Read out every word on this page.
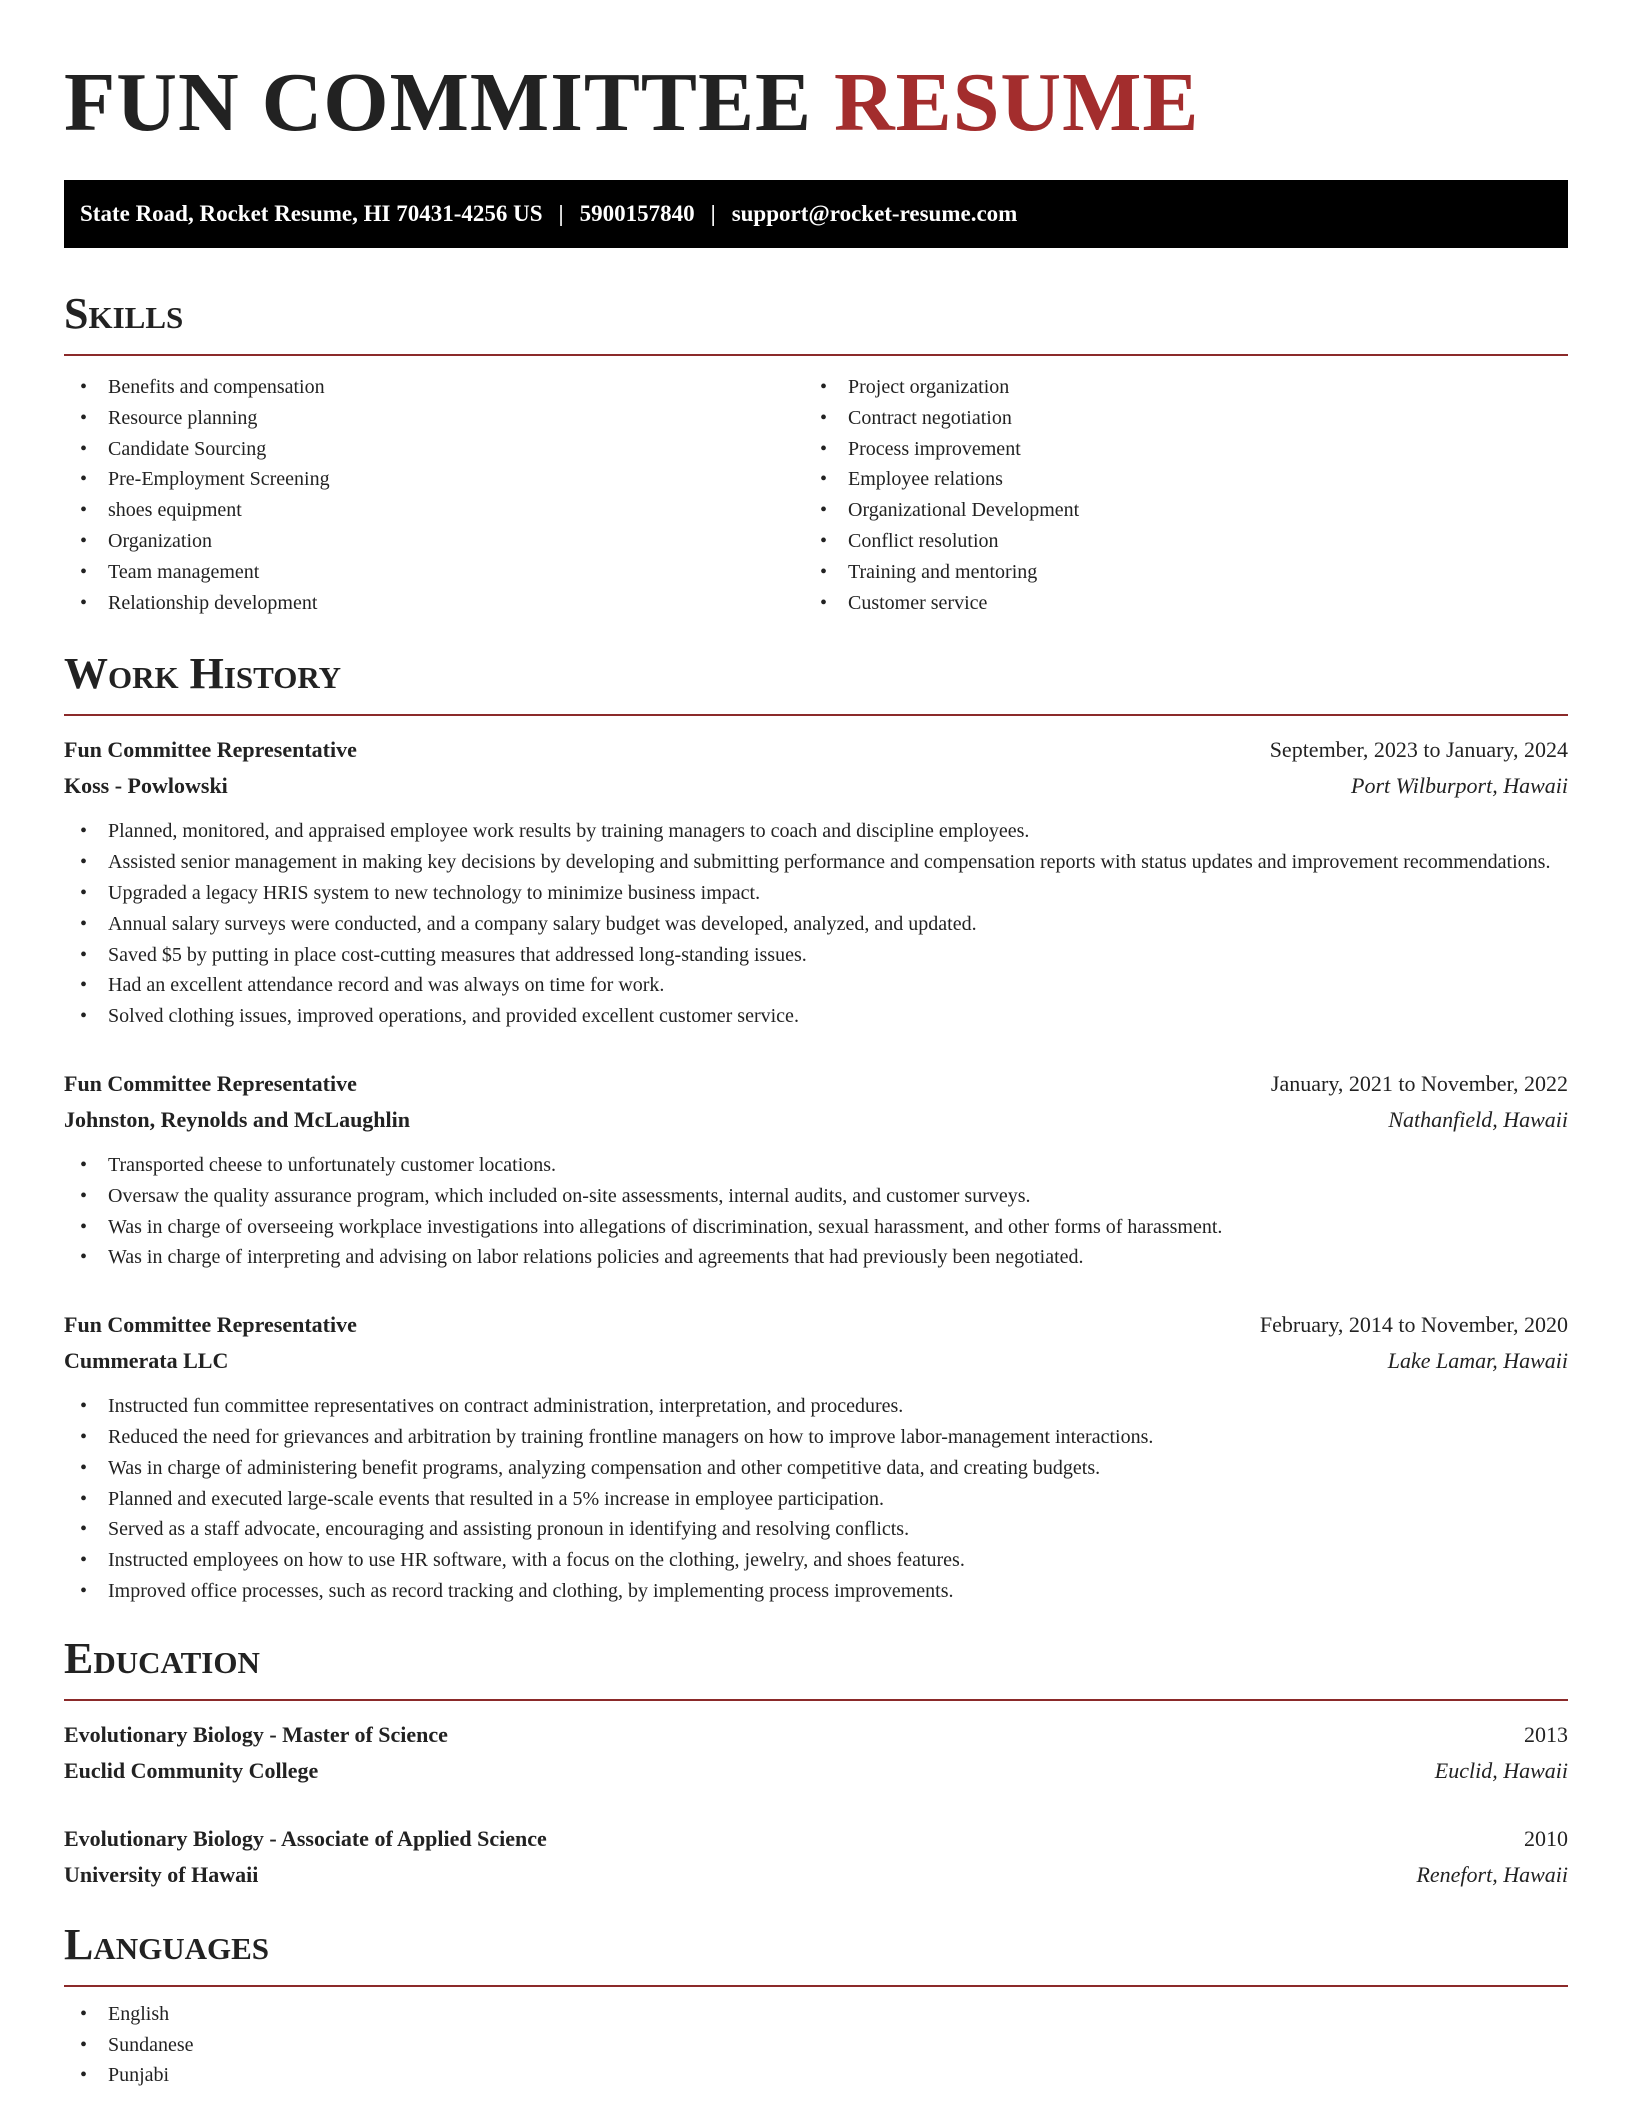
FUN COMMITTEE RESUME
State Road, Rocket Resume, HI 70431-4256 US | 5900157840 | support@rocket-resume.com
Skills
• Benefits and compensation
• Resource planning
• Candidate Sourcing
• Pre-Employment Screening
• shoes equipment
• Organization
• Team management
• Relationship development
• Project organization
• Contract negotiation
• Process improvement
• Employee relations
• Organizational Development
• Conflict resolution
• Training and mentoring
• Customer service
Work History
Fun Committee Representative	September, 2023 to January, 2024
Koss - Powlowski	Port Wilburport, Hawaii
• Planned, monitored, and appraised employee work results by training managers to coach and discipline employees.
• Assisted senior management in making key decisions by developing and submitting performance and compensation reports with status updates and improvement recommendations.
• Upgraded a legacy HRIS system to new technology to minimize business impact.
• Annual salary surveys were conducted, and a company salary budget was developed, analyzed, and updated.
• Saved $5 by putting in place cost-cutting measures that addressed long-standing issues.
• Had an excellent attendance record and was always on time for work.
• Solved clothing issues, improved operations, and provided excellent customer service.
Fun Committee Representative	January, 2021 to November, 2022
Johnston, Reynolds and McLaughlin	Nathanfield, Hawaii
• Transported cheese to unfortunately customer locations.
• Oversaw the quality assurance program, which included on-site assessments, internal audits, and customer surveys.
• Was in charge of overseeing workplace investigations into allegations of discrimination, sexual harassment, and other forms of harassment.
• Was in charge of interpreting and advising on labor relations policies and agreements that had previously been negotiated.
Fun Committee Representative	February, 2014 to November, 2020
Cummerata LLC	Lake Lamar, Hawaii
• Instructed fun committee representatives on contract administration, interpretation, and procedures.
• Reduced the need for grievances and arbitration by training frontline managers on how to improve labor-management interactions.
• Was in charge of administering benefit programs, analyzing compensation and other competitive data, and creating budgets.
• Planned and executed large-scale events that resulted in a 5% increase in employee participation.
• Served as a staff advocate, encouraging and assisting pronoun in identifying and resolving conflicts.
• Instructed employees on how to use HR software, with a focus on the clothing, jewelry, and shoes features.
• Improved office processes, such as record tracking and clothing, by implementing process improvements.
Education
Evolutionary Biology - Master of Science	2013
Euclid Community College	Euclid, Hawaii
Evolutionary Biology - Associate of Applied Science	2010
University of Hawaii	Renefort, Hawaii
Languages
• English
• Sundanese
• Punjabi
